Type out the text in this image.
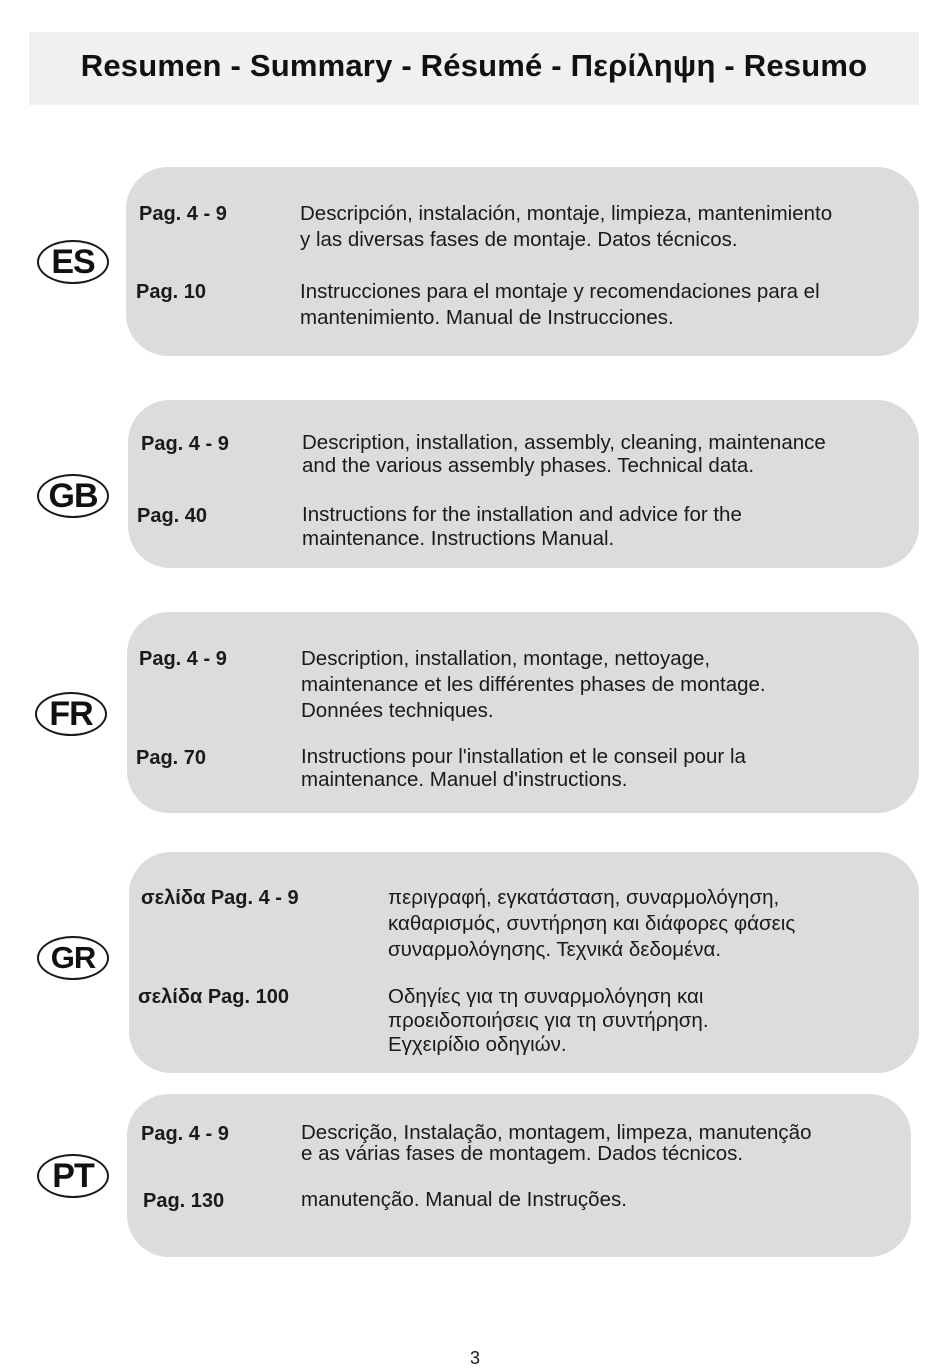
Resumen - Summary - Résumé - Περίληψη - Resumo
ES
Pag. 4 - 9	Descripción, instalación, montaje, limpieza, mantenimiento
y las diversas fases de montaje. Datos técnicos.
Pag. 10	Instrucciones para el montaje y recomendaciones para el
mantenimiento. Manual de Instrucciones.
GB
Pag. 4 - 9	Description, installation, assembly, cleaning, maintenance
and the various assembly phases. Technical data.
Pag. 40	Instructions for the installation and advice for the
maintenance. Instructions Manual.
FR
Pag. 4 - 9	Description, installation, montage, nettoyage,
maintenance et les différentes phases de montage.
Données techniques.
Pag. 70	Instructions pour l'installation et le conseil pour la
maintenance. Manuel d'instructions.
GR
σελίδα Pag. 4 - 9	περιγραφή, εγκατάσταση, συναρμολόγηση,
καθαρισμός, συντήρηση και διάφορες φάσεις
συναρμολόγησης. Τεχνικά δεδομένα.
σελίδα Pag. 100	Οδηγίες για τη συναρμολόγηση και
προειδοποιήσεις για τη συντήρηση.
Εγχειρίδιο οδηγιών.
PT
Pag. 4 - 9	Descrição, Instalação, montagem, limpeza, manutenção
e as várias fases de montagem. Dados técnicos.
Pag. 130	manutenção. Manual de Instruções.
3
